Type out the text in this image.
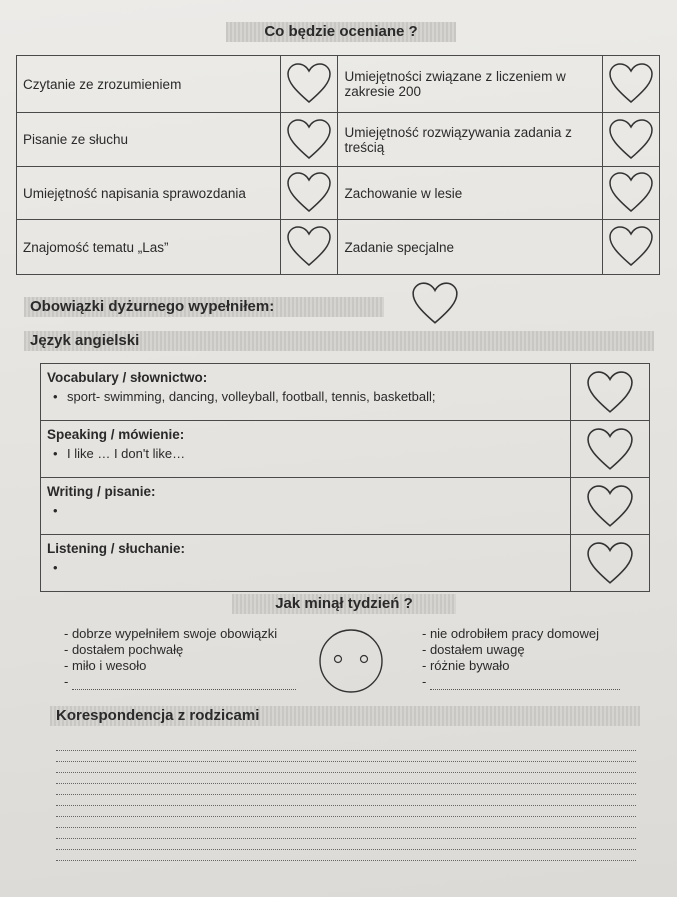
Co będzie oceniane ?
Czytanie ze zrozumieniem		Umiejętności związane z liczeniem w zakresie 200	

Pisanie ze słuchu		Umiejętność rozwiązywania zadania z treścią	

Umiejętność napisania sprawozdania		Zachowanie w lesie	

Znajomość tematu „Las”		Zadanie specjalne	
Obowiązki dyżurnego wypełniłem:
Język angielski
Vocabulary / słownictwo:
• sport- swimming, dancing, volleyball, football, tennis, basketball;

Speaking / mówienie:
• I like … I don't like…

Writing / pisanie:
•

Listening / słuchanie:
•

Jak minął tydzień ?
- dobrze wypełniłem swoje obowiązki
- dostałem pochwałę
- miło i wesoło
-
- nie odrobiłem pracy domowej
- dostałem uwagę
- różnie bywało
-
Korespondencja z rodzicami
